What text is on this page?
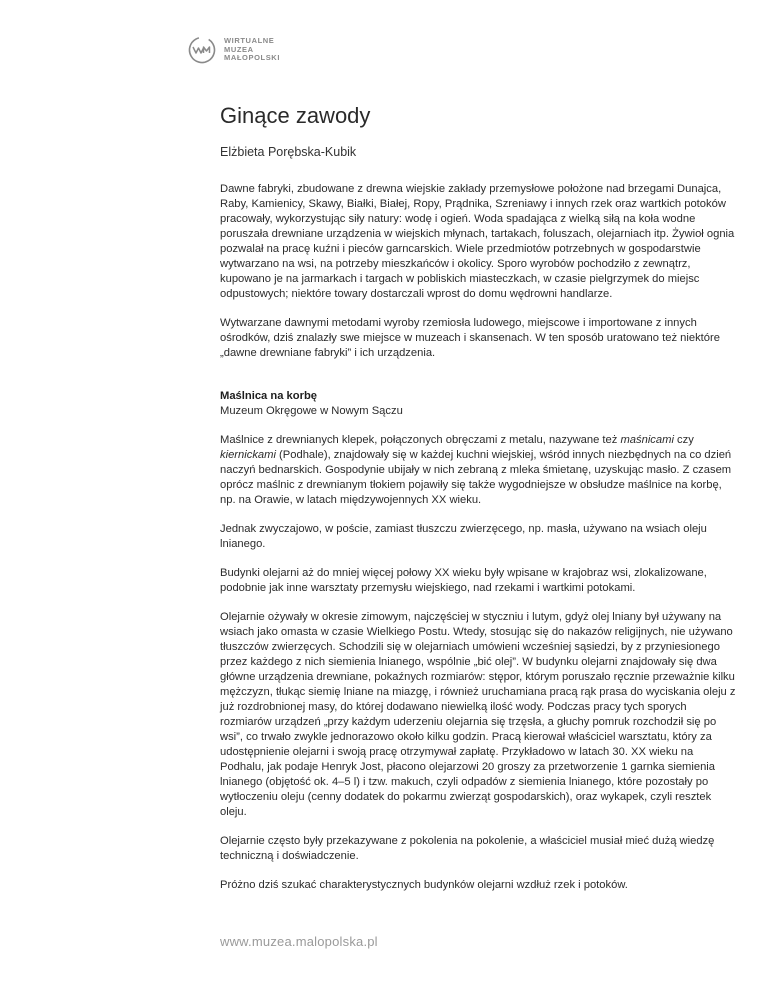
WIRTUALNE
MUZEA
MAŁOPOLSKI
Ginące zawody
Elżbieta Porębska-Kubik

Dawne fabryki, zbudowane z drewna wiejskie zakłady przemysłowe położone nad brzegami Dunajca, Raby, Kamienicy, Skawy, Białki, Białej, Ropy, Prądnika, Szreniawy i innych rzek oraz wartkich potoków pracowały, wykorzystując siły natury: wodę i ogień. Woda spadająca z wielką siłą na koła wodne poruszała drewniane urządzenia w wiejskich młynach, tartakach, foluszach, olejarniach itp. Żywioł ognia pozwalał na pracę kuźni i pieców garncarskich. Wiele przedmiotów potrzebnych w gospodarstwie wytwarzano na wsi, na potrzeby mieszkańców i okolicy. Sporo wyrobów pochodziło z zewnątrz, kupowano je na jarmarkach i targach w pobliskich miasteczkach, w czasie pielgrzymek do miejsc odpustowych; niektóre towary dostarczali wprost do domu wędrowni handlarze.

Wytwarzane dawnymi metodami wyroby rzemiosła ludowego, miejscowe i importowane z innych ośrodków, dziś znalazły swe miejsce w muzeach i skansenach. W ten sposób uratowano też niektóre „dawne drewniane fabryki” i ich urządzenia.

Maślnica na korbę
Muzeum Okręgowe w Nowym Sączu

Maślnice z drewnianych klepek, połączonych obręczami z metalu, nazywane też maśnicami czy kiernickami (Podhale), znajdowały się w każdej kuchni wiejskiej, wśród innych niezbędnych na co dzień naczyń bednarskich. Gospodynie ubijały w nich zebraną z mleka śmietanę, uzyskując masło. Z czasem oprócz maślnic z drewnianym tłokiem pojawiły się także wygodniejsze w obsłudze maślnice na korbę, np. na Orawie, w latach międzywojennych XX wieku.

Jednak zwyczajowo, w poście, zamiast tłuszczu zwierzęcego, np. masła, używano na wsiach oleju lnianego.

Budynki olejarni aż do mniej więcej połowy XX wieku były wpisane w krajobraz wsi, zlokalizowane, podobnie jak inne warsztaty przemysłu wiejskiego, nad rzekami i wartkimi potokami.

Olejarnie ożywały w okresie zimowym, najczęściej w styczniu i lutym, gdyż olej lniany był używany na wsiach jako omasta w czasie Wielkiego Postu. Wtedy, stosując się do nakazów religijnych, nie używano tłuszczów zwierzęcych. Schodzili się w olejarniach umówieni wcześniej sąsiedzi, by z przyniesionego przez każdego z nich siemienia lnianego, wspólnie „bić olej”. W budynku olejarni znajdowały się dwa główne urządzenia drewniane, pokaźnych rozmiarów: stępor, którym poruszało ręcznie przeważnie kilku mężczyzn, tłukąc siemię lniane na miazgę, i również uruchamiana pracą rąk prasa do wyciskania oleju z już rozdrobnionej masy, do której dodawano niewielką ilość wody. Podczas pracy tych sporych rozmiarów urządzeń „przy każdym uderzeniu olejarnia się trzęsła, a głuchy pomruk rozchodził się po wsi”, co trwało zwykle jednorazowo około kilku godzin. Pracą kierował właściciel warsztatu, który za udostępnienie olejarni i swoją pracę otrzymywał zapłatę. Przykładowo w latach 30. XX wieku na Podhalu, jak podaje Henryk Jost, płacono olejarzowi 20 groszy za przetworzenie 1 garnka siemienia lnianego (objętość ok. 4–5 l) i tzw. makuch, czyli odpadów z siemienia lnianego, które pozostały po wytłoczeniu oleju (cenny dodatek do pokarmu zwierząt gospodarskich), oraz wykapek, czyli resztek oleju.

Olejarnie często były przekazywane z pokolenia na pokolenie, a właściciel musiał mieć dużą wiedzę techniczną i doświadczenie.

Próżno dziś szukać charakterystycznych budynków olejarni wzdłuż rzek i potoków.

www.muzea.malopolska.pl
